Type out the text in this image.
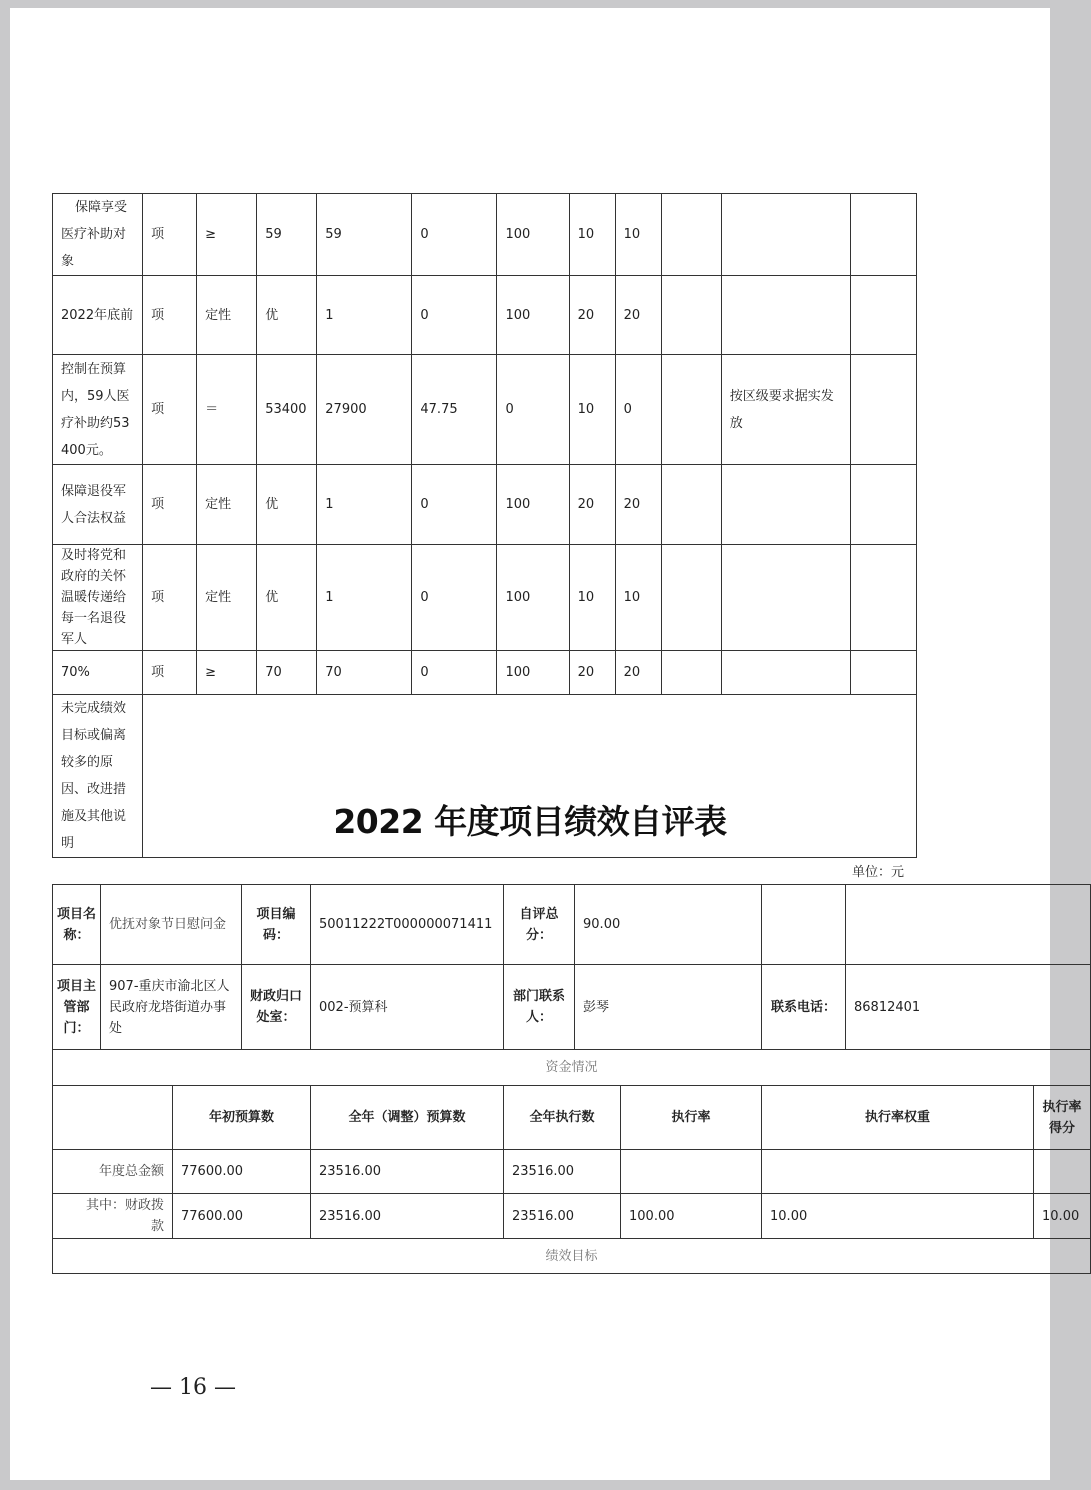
保障享受医疗补助对象	项	≥	59	59	0	100	10	10			
2022年底前	项	定性	优	1	0	100	20	20			
控制在预算内，59人医疗补助约53400元。	项	＝	53400	27900	47.75	0	10	0		按区级要求据实发放	
保障退役军人合法权益	项	定性	优	1	0	100	20	20			
及时将党和政府的关怀温暖传递给每一名退役军人	项	定性	优	1	0	100	10	10			
70%	项	≥	70	70	0	100	20	20			
未完成绩效目标或偏离较多的原因、改进措施及其他说明											
2022 年度项目绩效自评表
单位：元
项目名称：	优抚对象节日慰问金		项目编码：	50011222T000000071411	自评总分：	90.00				
项目主管部门：	907-重庆市渝北区人民政府龙塔街道办事处		财政归口处室：	002-预算科	部门联系人：	彭琴		联系电话：	86812401	
资金情况										
		年初预算数		全年（调整）预算数	全年执行数		执行率	执行率权重		执行率得分
年度总金额		77600.00		23516.00	23516.00					
其中：财政拨款		77600.00		23516.00	23516.00		100.00	10.00		10.00
绩效目标										
— 16 —
